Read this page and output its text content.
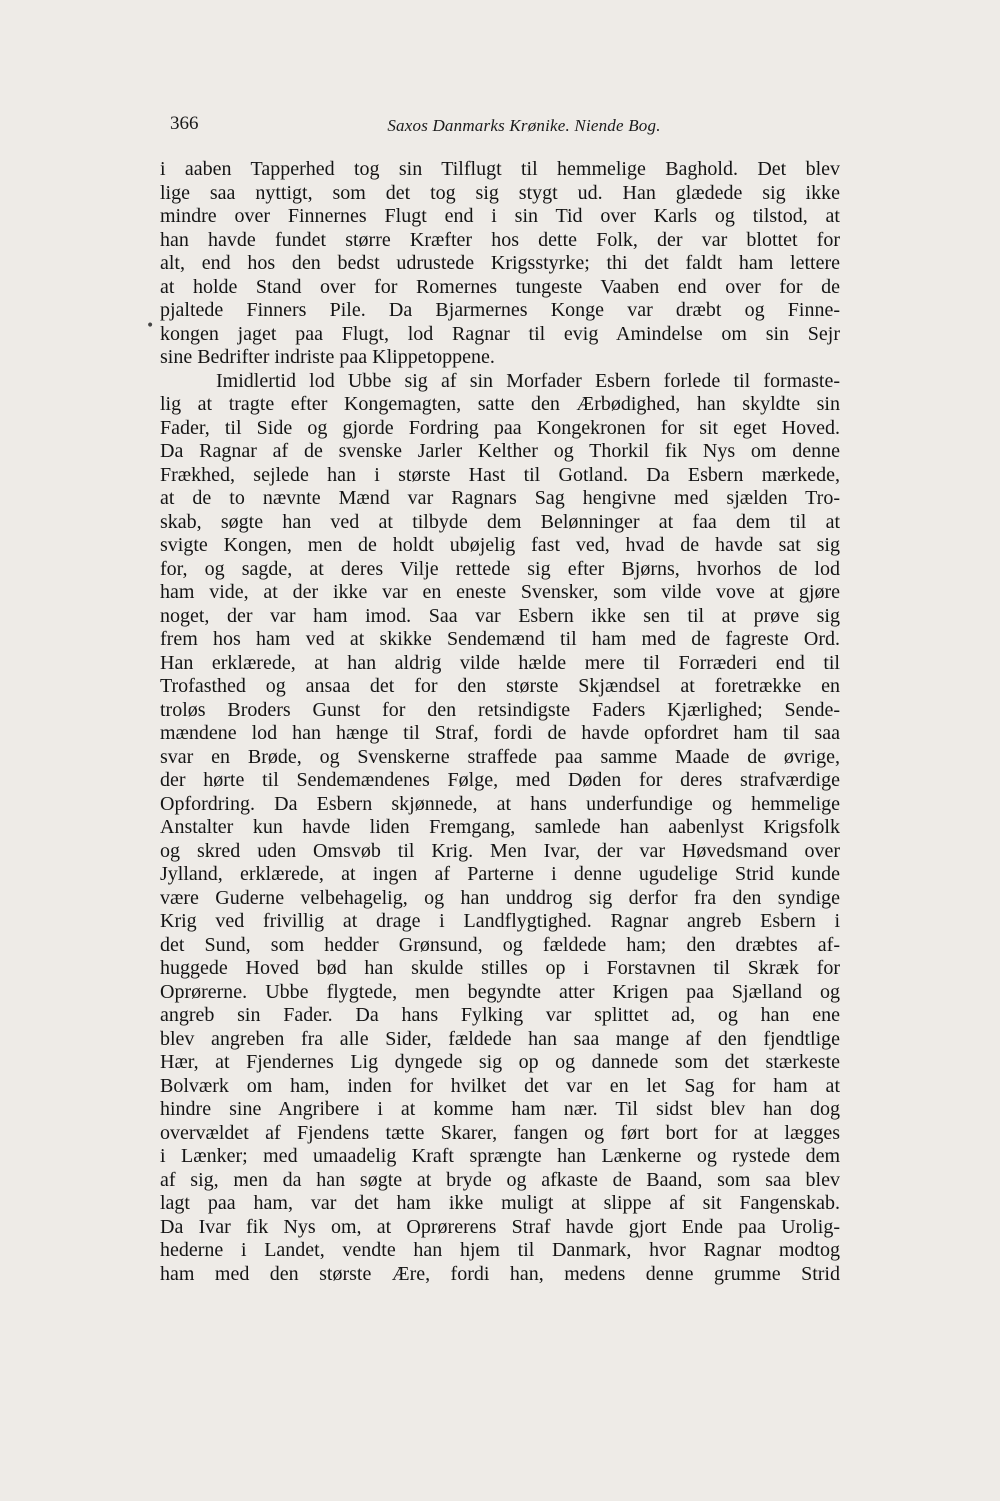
366	Saxos Danmarks Krønike. Niende Bog.
•
i aaben Tapperhed tog sin Tilflugt til hemmelige Baghold. Det blev
lige saa nyttigt, som det tog sig stygt ud. Han glædede sig ikke
mindre over Finnernes Flugt end i sin Tid over Karls og tilstod, at
han havde fundet større Kræfter hos dette Folk, der var blottet for
alt, end hos den bedst udrustede Krigsstyrke; thi det faldt ham lettere
at holde Stand over for Romernes tungeste Vaaben end over for de
pjaltede Finners Pile. Da Bjarmernes Konge var dræbt og Finne-
kongen jaget paa Flugt, lod Ragnar til evig Amindelse om sin Sejr
sine Bedrifter indriste paa Klippetoppene.
Imidlertid lod Ubbe sig af sin Morfader Esbern forlede til formaste-
lig at tragte efter Kongemagten, satte den Ærbødighed, han skyldte sin
Fader, til Side og gjorde Fordring paa Kongekronen for sit eget Hoved.
Da Ragnar af de svenske Jarler Kelther og Thorkil fik Nys om denne
Frækhed, sejlede han i største Hast til Gotland. Da Esbern mærkede,
at de to nævnte Mænd var Ragnars Sag hengivne med sjælden Tro-
skab, søgte han ved at tilbyde dem Belønninger at faa dem til at
svigte Kongen, men de holdt ubøjelig fast ved, hvad de havde sat sig
for, og sagde, at deres Vilje rettede sig efter Bjørns, hvorhos de lod
ham vide, at der ikke var en eneste Svensker, som vilde vove at gjøre
noget, der var ham imod. Saa var Esbern ikke sen til at prøve sig
frem hos ham ved at skikke Sendemænd til ham med de fagreste Ord.
Han erklærede, at han aldrig vilde hælde mere til Forræderi end til
Trofasthed og ansaa det for den største Skjændsel at foretrække en
troløs Broders Gunst for den retsindigste Faders Kjærlighed; Sende-
mændene lod han hænge til Straf, fordi de havde opfordret ham til saa
svar en Brøde, og Svenskerne straffede paa samme Maade de øvrige,
der hørte til Sendemændenes Følge, med Døden for deres strafværdige
Opfordring. Da Esbern skjønnede, at hans underfundige og hemmelige
Anstalter kun havde liden Fremgang, samlede han aabenlyst Krigsfolk
og skred uden Omsvøb til Krig. Men Ivar, der var Høvedsmand over
Jylland, erklærede, at ingen af Parterne i denne ugudelige Strid kunde
være Guderne velbehagelig, og han unddrog sig derfor fra den syndige
Krig ved frivillig at drage i Landflygtighed. Ragnar angreb Esbern i
det Sund, som hedder Grønsund, og fældede ham; den dræbtes af-
huggede Hoved bød han skulde stilles op i Forstavnen til Skræk for
Oprørerne. Ubbe flygtede, men begyndte atter Krigen paa Sjælland og
angreb sin Fader. Da hans Fylking var splittet ad, og han ene
blev angreben fra alle Sider, fældede han saa mange af den fjendtlige
Hær, at Fjendernes Lig dyngede sig op og dannede som det stærkeste
Bolværk om ham, inden for hvilket det var en let Sag for ham at
hindre sine Angribere i at komme ham nær. Til sidst blev han dog
overvældet af Fjendens tætte Skarer, fangen og ført bort for at lægges
i Lænker; med umaadelig Kraft sprængte han Lænkerne og rystede dem
af sig, men da han søgte at bryde og afkaste de Baand, som saa blev
lagt paa ham, var det ham ikke muligt at slippe af sit Fangenskab.
Da Ivar fik Nys om, at Oprørerens Straf havde gjort Ende paa Urolig-
hederne i Landet, vendte han hjem til Danmark, hvor Ragnar modtog
ham med den største Ære, fordi han, medens denne grumme Strid
